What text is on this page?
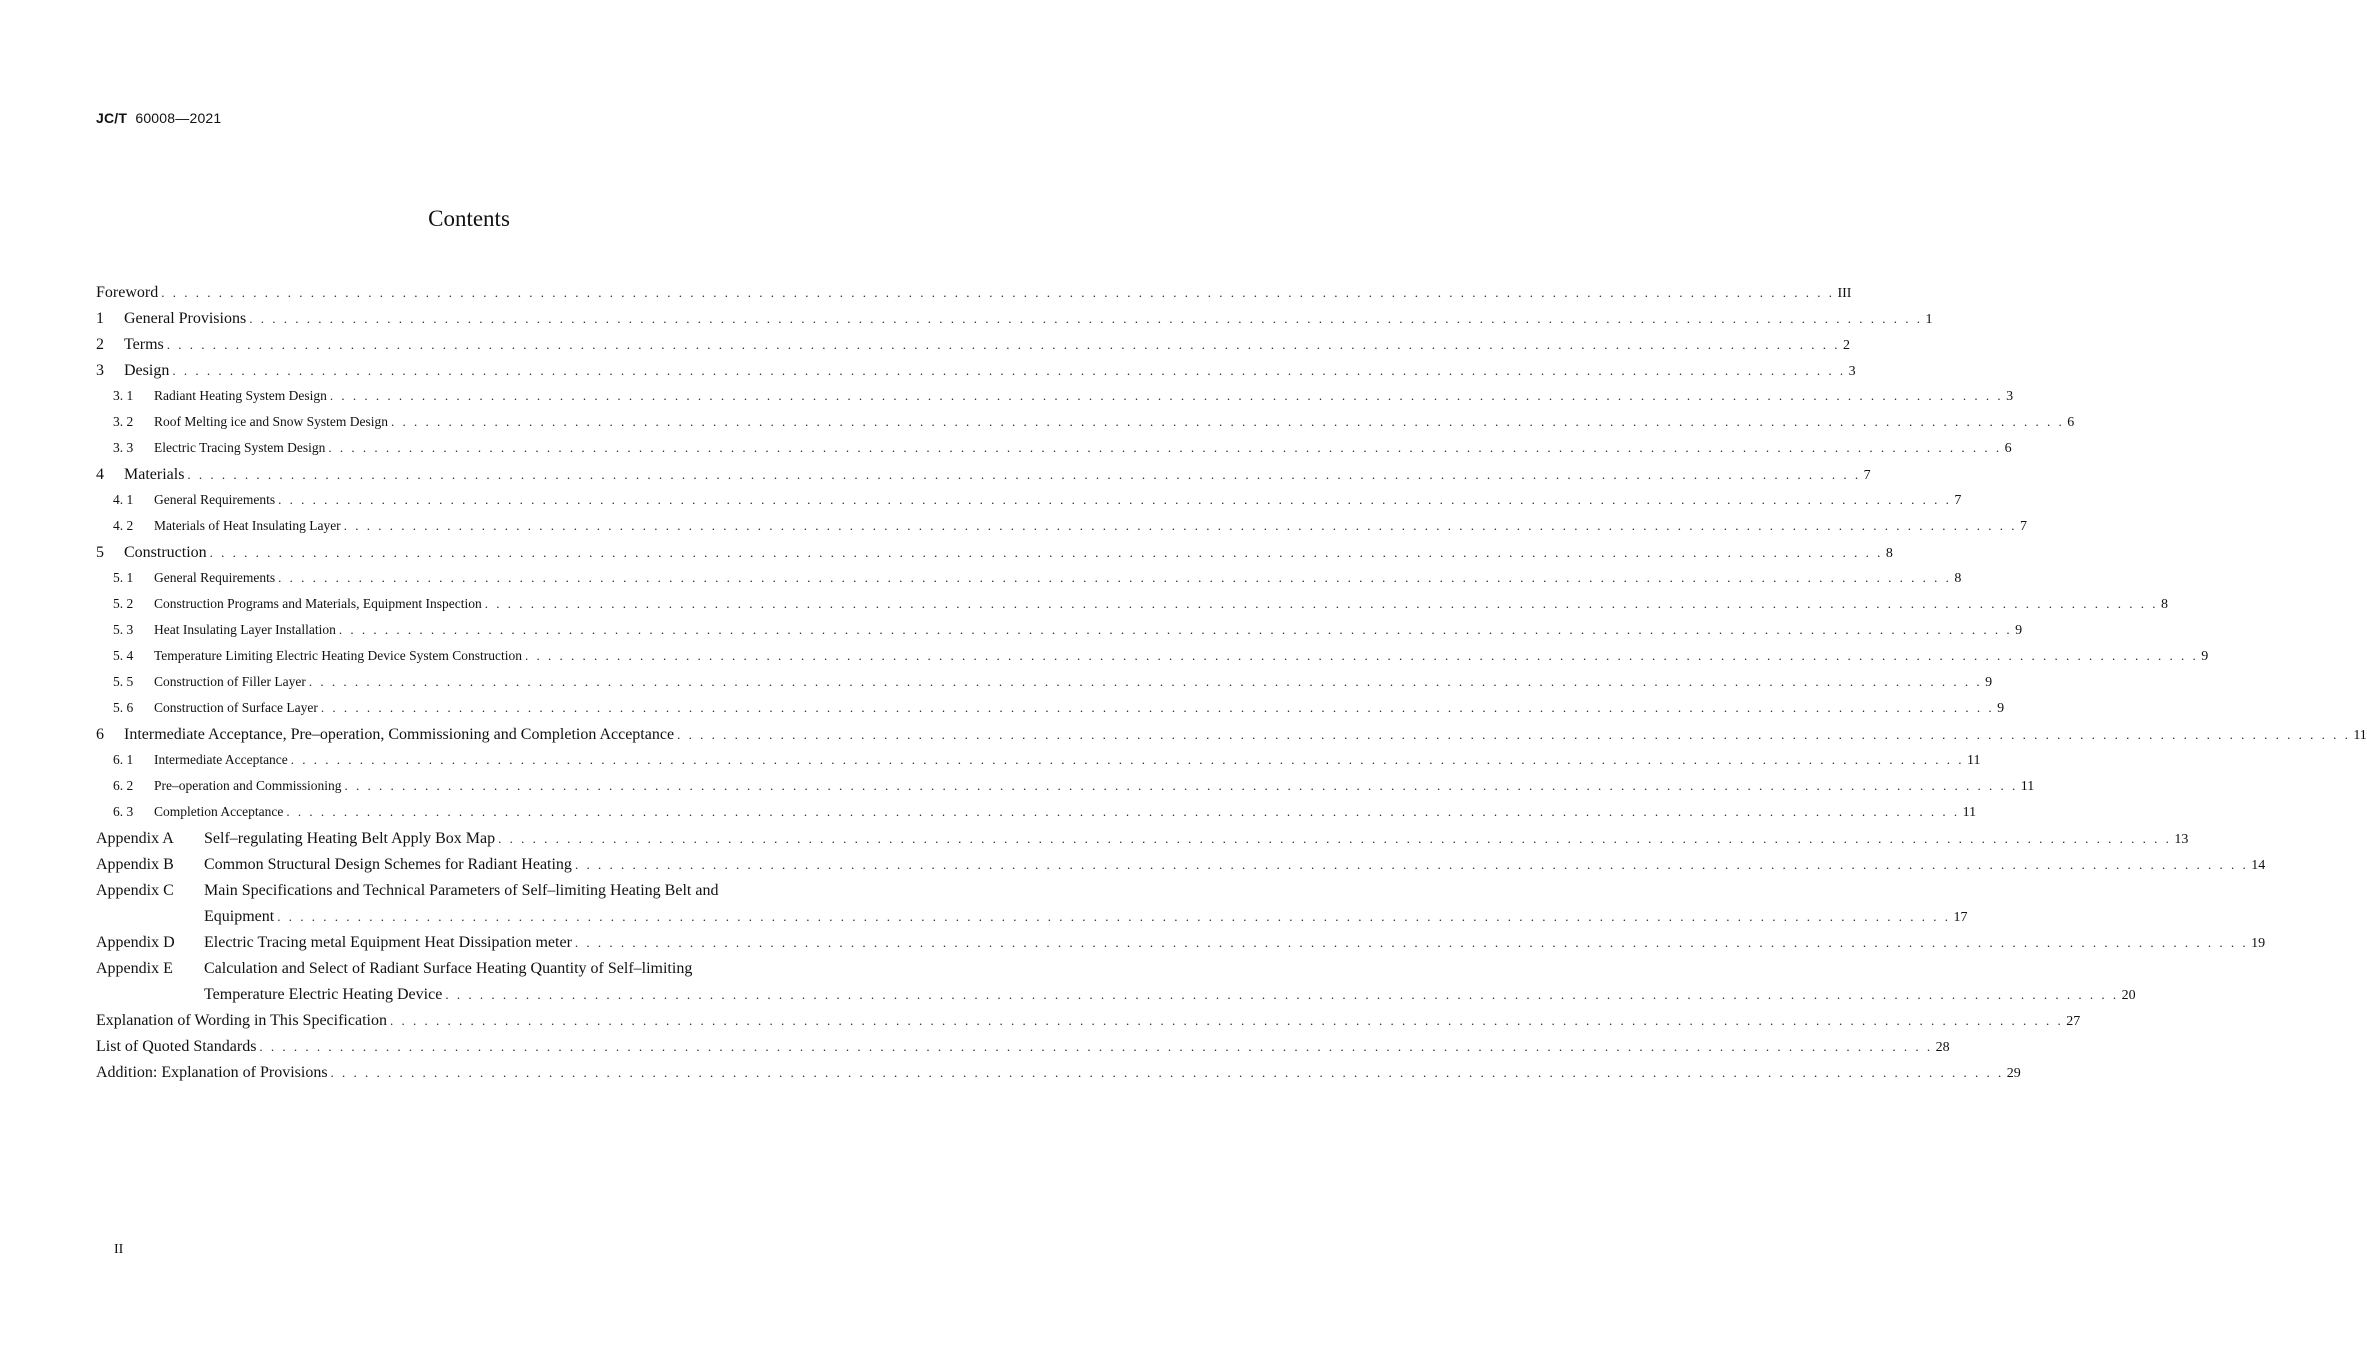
JC/T 60008—2021
Contents
Foreword . . .	III
1	General Provisions . . .	1
2	Terms . . .	2
3	Design . . .	3
3. 1	Radiant Heating System Design . . .	3
3. 2	Roof Melting ice and Snow System Design . . .	6
3. 3	Electric Tracing System Design . . .	6
4	Materials . . .	7
4. 1	General Requirements . . .	7
4. 2	Materials of Heat Insulating Layer . . .	7
5	Construction . . .	8
5. 1	General Requirements . . .	8
5. 2	Construction Programs and Materials, Equipment Inspection . . .	8
5. 3	Heat Insulating Layer Installation . . .	9
5. 4	Temperature Limiting Electric Heating Device System Construction . . .	9
5. 5	Construction of Filler Layer . . .	9
5. 6	Construction of Surface Layer . . .	9
6	Intermediate Acceptance, Pre–operation, Commissioning and Completion Acceptance . . .	11
6. 1	Intermediate Acceptance . . .	11
6. 2	Pre–operation and Commissioning . . .	11
6. 3	Completion Acceptance . . .	11
Appendix A	Self–regulating Heating Belt Apply Box Map . . .	13
Appendix B	Common Structural Design Schemes for Radiant Heating . . .	14
Appendix C	Main Specifications and Technical Parameters of Self–limiting Heating Belt and
Equipment . . .	17
Appendix D	Electric Tracing metal Equipment Heat Dissipation meter . . .	19
Appendix E	Calculation and Select of Radiant Surface Heating Quantity of Self–limiting
Temperature Electric Heating Device . . .	20
Explanation of Wording in This Specification . . .	27
List of Quoted Standards . . .	28
Addition: Explanation of Provisions . . .	29
II
